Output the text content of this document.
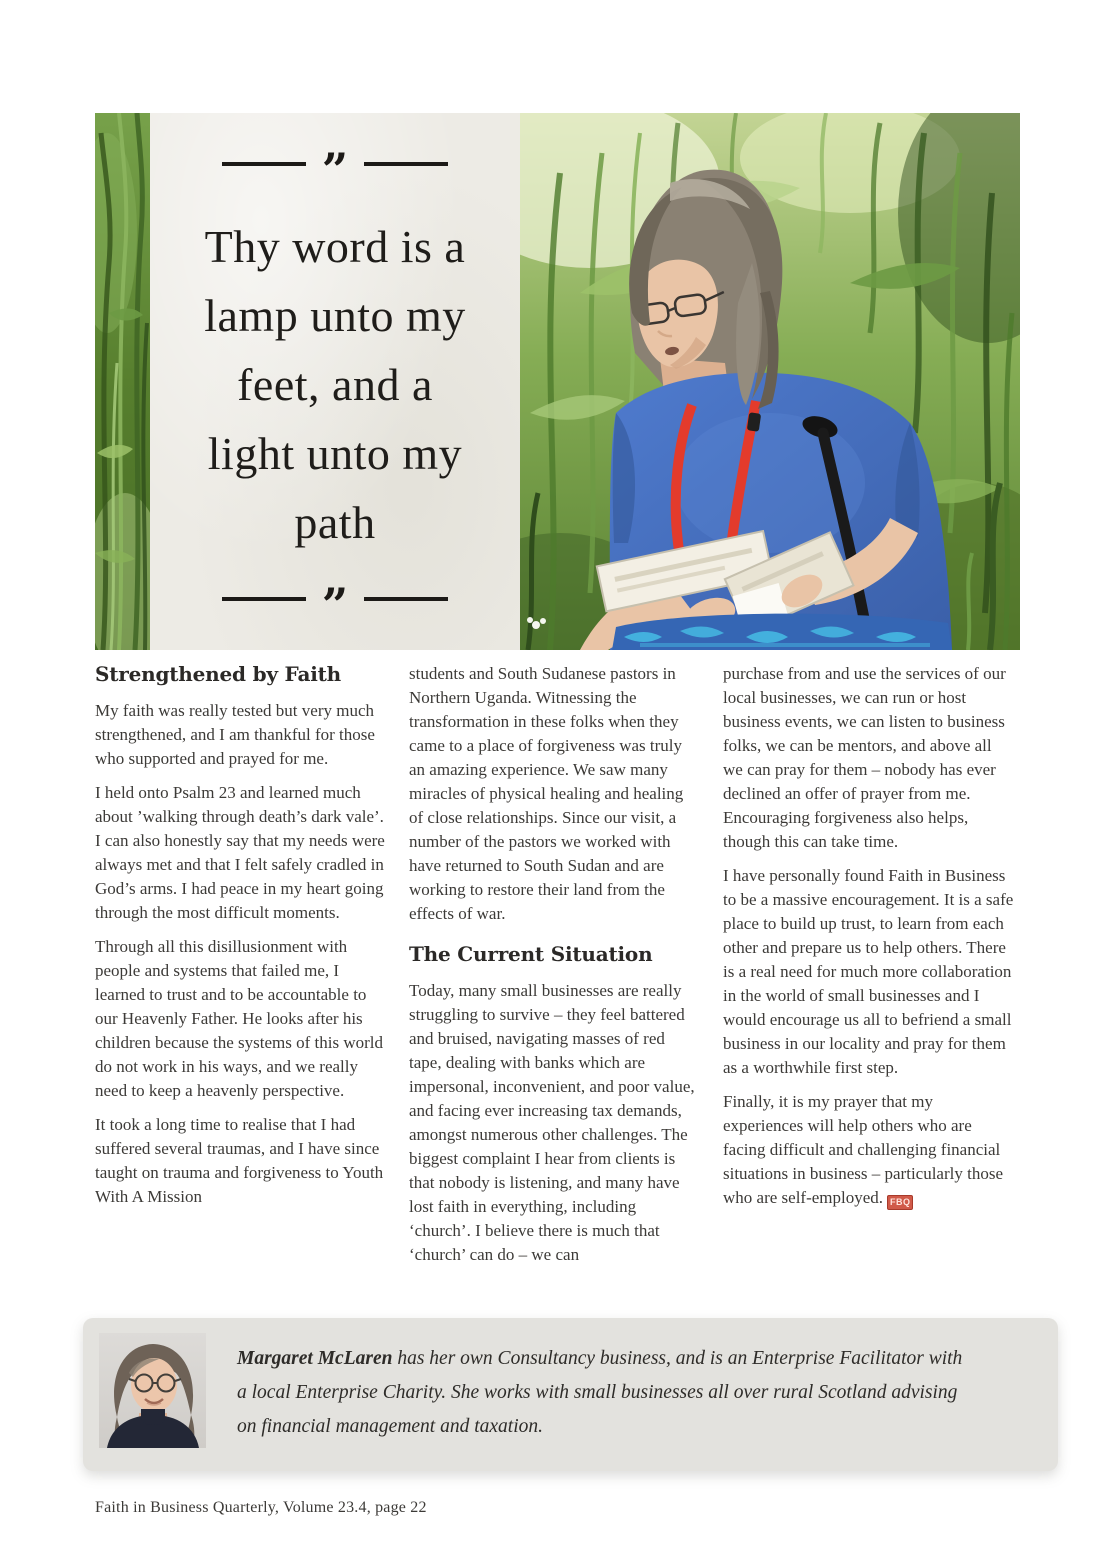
”
Thy word is a
lamp unto my
feet, and a
light unto my
path
”
Strengthened by Faith

My faith was really tested but very much strengthened, and I am thankful for those who supported and prayed for me.

I held onto Psalm 23 and learned much about ’walking through death’s dark vale’. I can also honestly say that my needs were always met and that I felt safely cradled in God’s arms. I had peace in my heart going through the most difficult moments.

Through all this disillusionment with people and systems that failed me, I learned to trust and to be accountable to our Heavenly Father. He looks after his children because the systems of this world do not work in his ways, and we really need to keep a heavenly perspective.

It took a long time to realise that I had suffered several traumas, and I have since taught on trauma and forgiveness to Youth With A Mission

students and South Sudanese pastors in Northern Uganda. Witnessing the transformation in these folks when they came to a place of forgiveness was truly an amazing experience. We saw many miracles of physical healing and healing of close relationships. Since our visit, a number of the pastors we worked with have returned to South Sudan and are working to restore their land from the effects of war.

The Current Situation

Today, many small businesses are really struggling to survive – they feel battered and bruised, navigating masses of red tape, dealing with banks which are impersonal, inconvenient, and poor value, and facing ever increasing tax demands, amongst numerous other challenges. The biggest complaint I hear from clients is that nobody is listening, and many have lost faith in everything, including ‘church’. I believe there is much that ‘church’ can do – we can

purchase from and use the services of our local businesses, we can run or host business events, we can listen to business folks, we can be mentors, and above all we can pray for them – nobody has ever declined an offer of prayer from me. Encouraging forgiveness also helps, though this can take time.

I have personally found Faith in Business to be a massive encouragement. It is a safe place to build up trust, to learn from each other and prepare us to help others. There is a real need for much more collaboration in the world of small businesses and I would encourage us all to befriend a small business in our locality and pray for them as a worthwhile first step.

Finally, it is my prayer that my experiences will help others who are facing difficult and challenging financial situations in business – particularly those who are self-employed. FBQ

Margaret McLaren has her own Consultancy business, and is an Enterprise Facilitator with a local Enterprise Charity. She works with small businesses all over rural Scotland advising on financial management and taxation.
Faith in Business Quarterly, Volume 23.4, page 22
